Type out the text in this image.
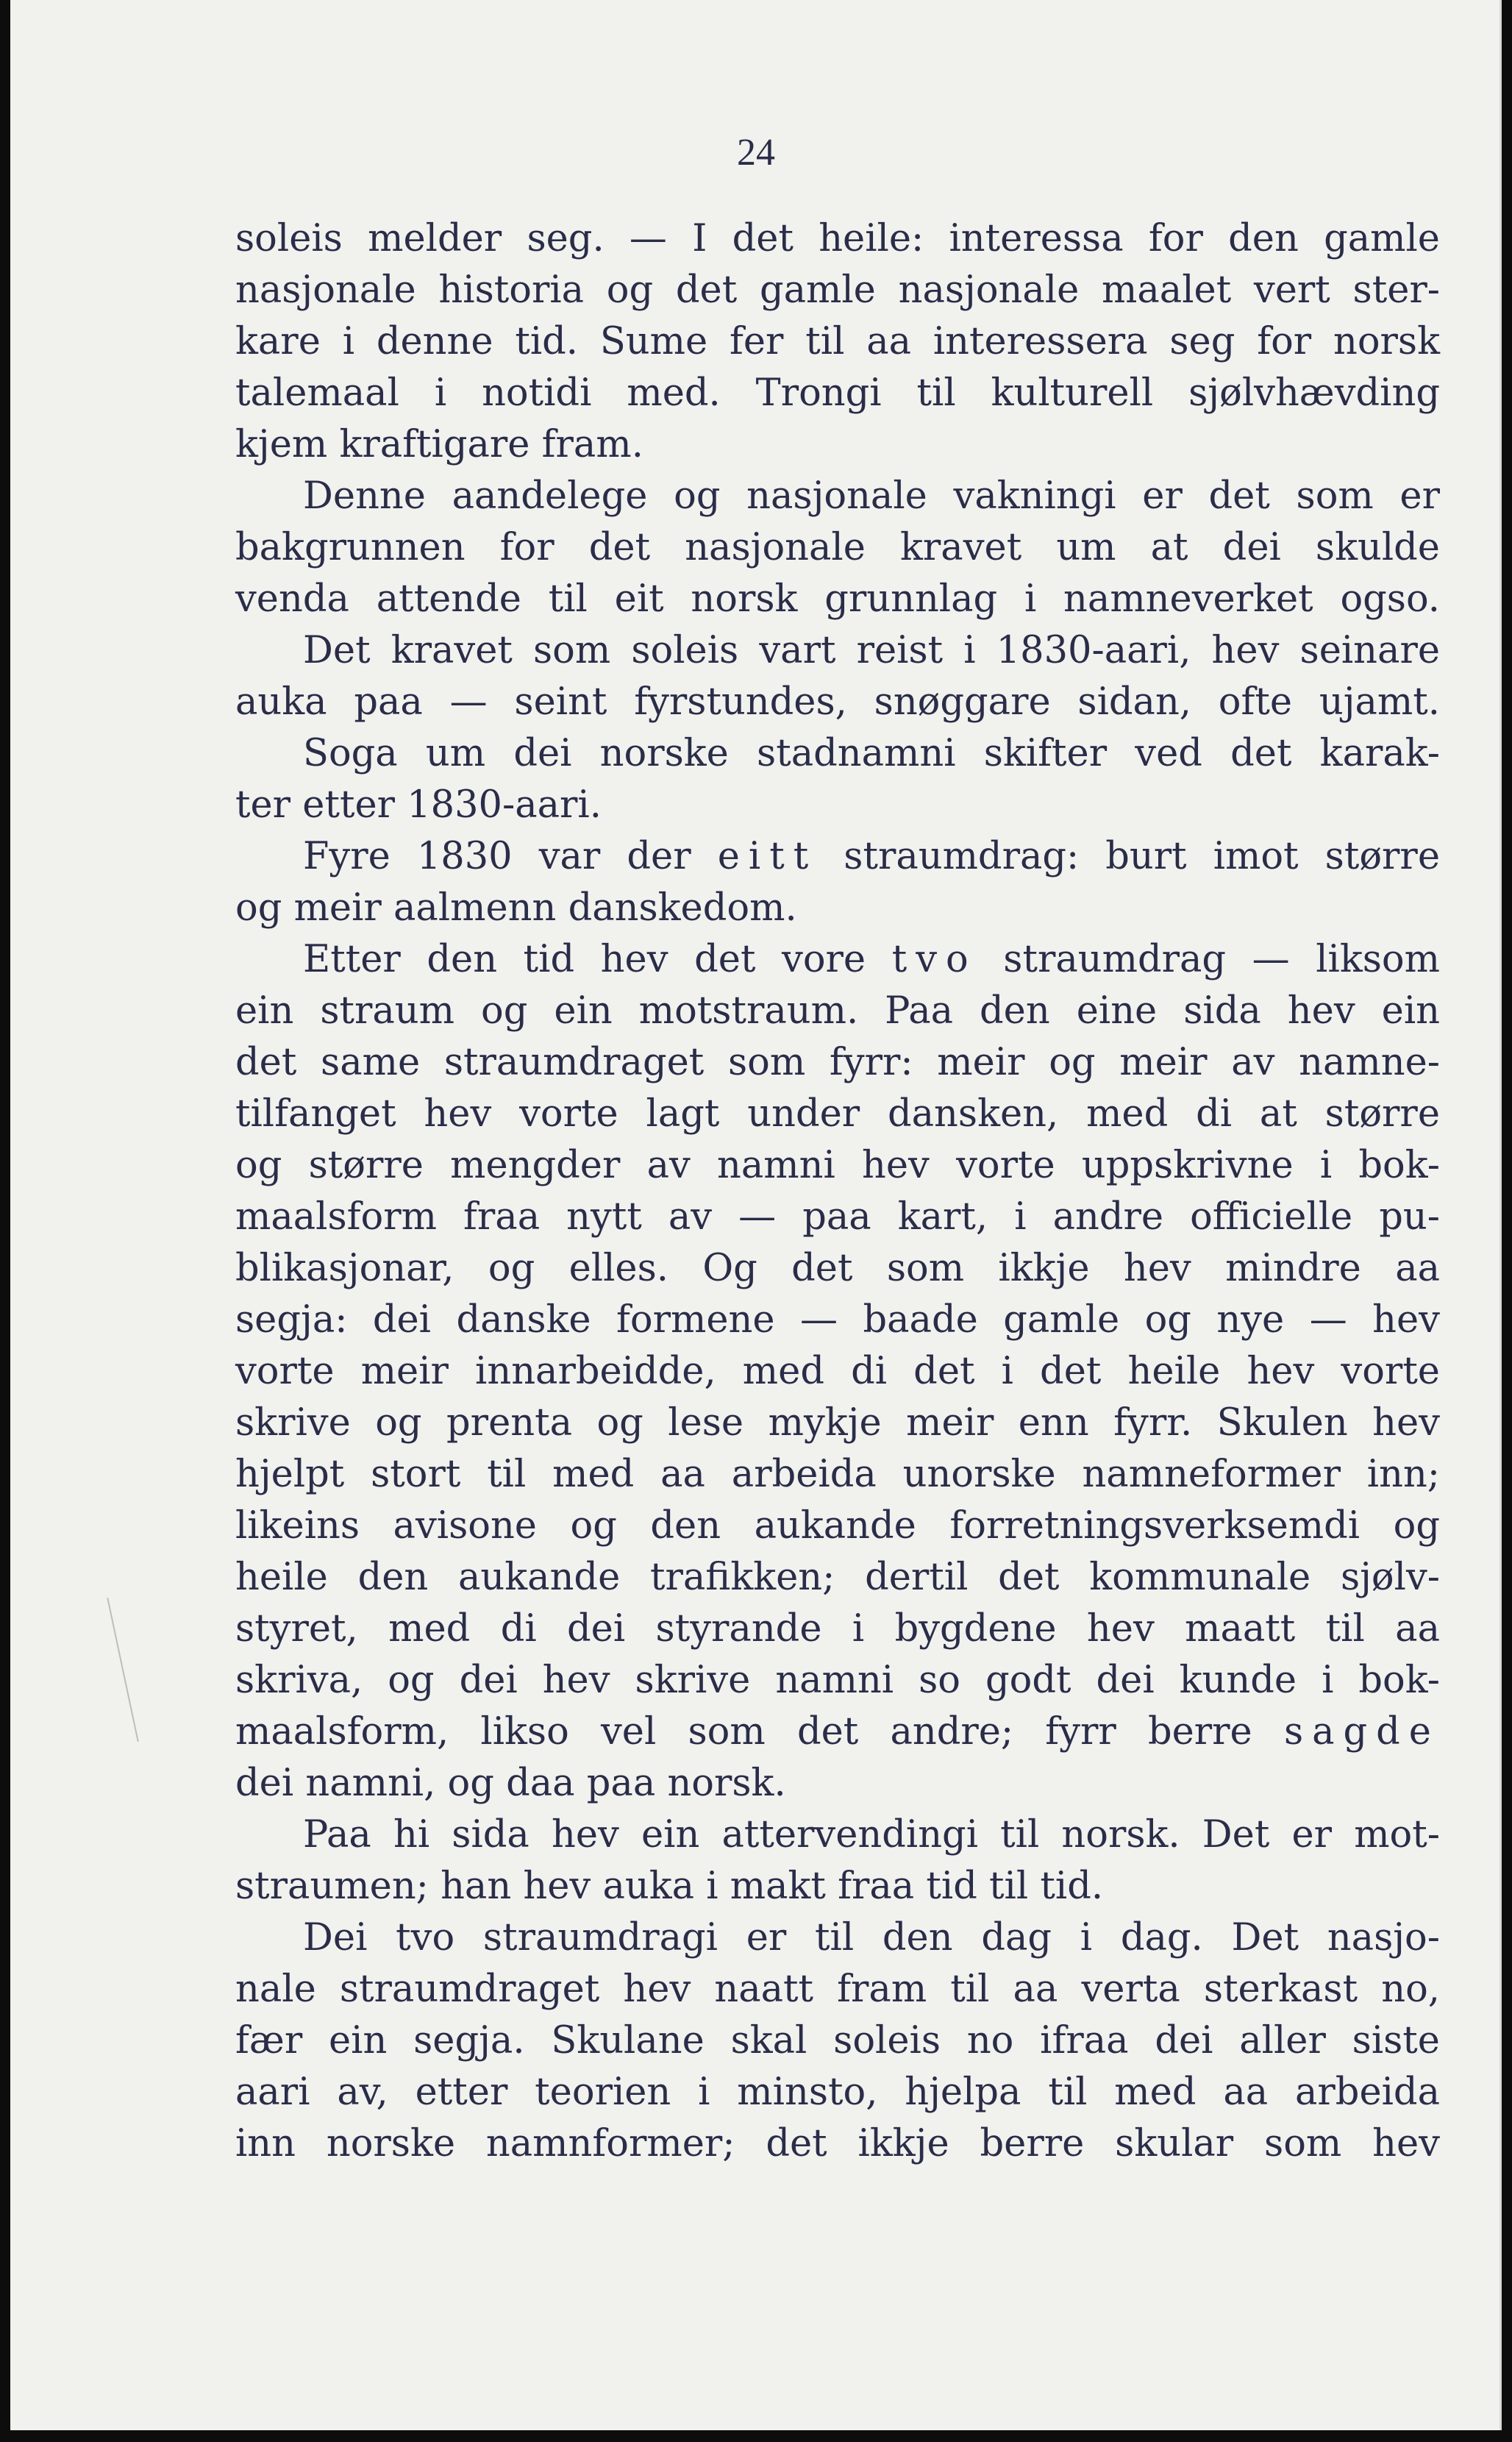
24
soleis melder seg. — I det heile: interessa for den gamle
nasjonale historia og det gamle nasjonale maalet vert ster-
kare i denne tid. Sume fer til aa interessera seg for norsk
talemaal i notidi med. Trongi til kulturell sjølvhævding
kjem kraftigare fram.
Denne aandelege og nasjonale vakningi er det som er
bakgrunnen for det nasjonale kravet um at dei skulde
venda attende til eit norsk grunnlag i namneverket ogso.
Det kravet som soleis vart reist i 1830-aari, hev seinare
auka paa — seint fyrstundes, snøggare sidan, ofte ujamt.
Soga um dei norske stadnamni skifter ved det karak-
ter etter 1830-aari.
Fyre 1830 var der eitt straumdrag: burt imot større
og meir aalmenn danskedom.
Etter den tid hev det vore tvo straumdrag — liksom
ein straum og ein motstraum. Paa den eine sida hev ein
det same straumdraget som fyrr: meir og meir av namne-
tilfanget hev vorte lagt under dansken, med di at større
og større mengder av namni hev vorte uppskrivne i bok-
maalsform fraa nytt av — paa kart, i andre officielle pu-
blikasjonar, og elles. Og det som ikkje hev mindre aa
segja: dei danske formene — baade gamle og nye — hev
vorte meir innarbeidde, med di det i det heile hev vorte
skrive og prenta og lese mykje meir enn fyrr. Skulen hev
hjelpt stort til med aa arbeida unorske namneformer inn;
likeins avisone og den aukande forretningsverksemdi og
heile den aukande trafikken; dertil det kommunale sjølv-
styret, med di dei styrande i bygdene hev maatt til aa
skriva, og dei hev skrive namni so godt dei kunde i bok-
maalsform, likso vel som det andre; fyrr berre sagde
dei namni, og daa paa norsk.
Paa hi sida hev ein attervendingi til norsk. Det er mot-
straumen; han hev auka i makt fraa tid til tid.
Dei tvo straumdragi er til den dag i dag. Det nasjo-
nale straumdraget hev naatt fram til aa verta sterkast no,
fær ein segja. Skulane skal soleis no ifraa dei aller siste
aari av, etter teorien i minsto, hjelpa til med aa arbeida
inn norske namnformer; det ikkje berre skular som hev
